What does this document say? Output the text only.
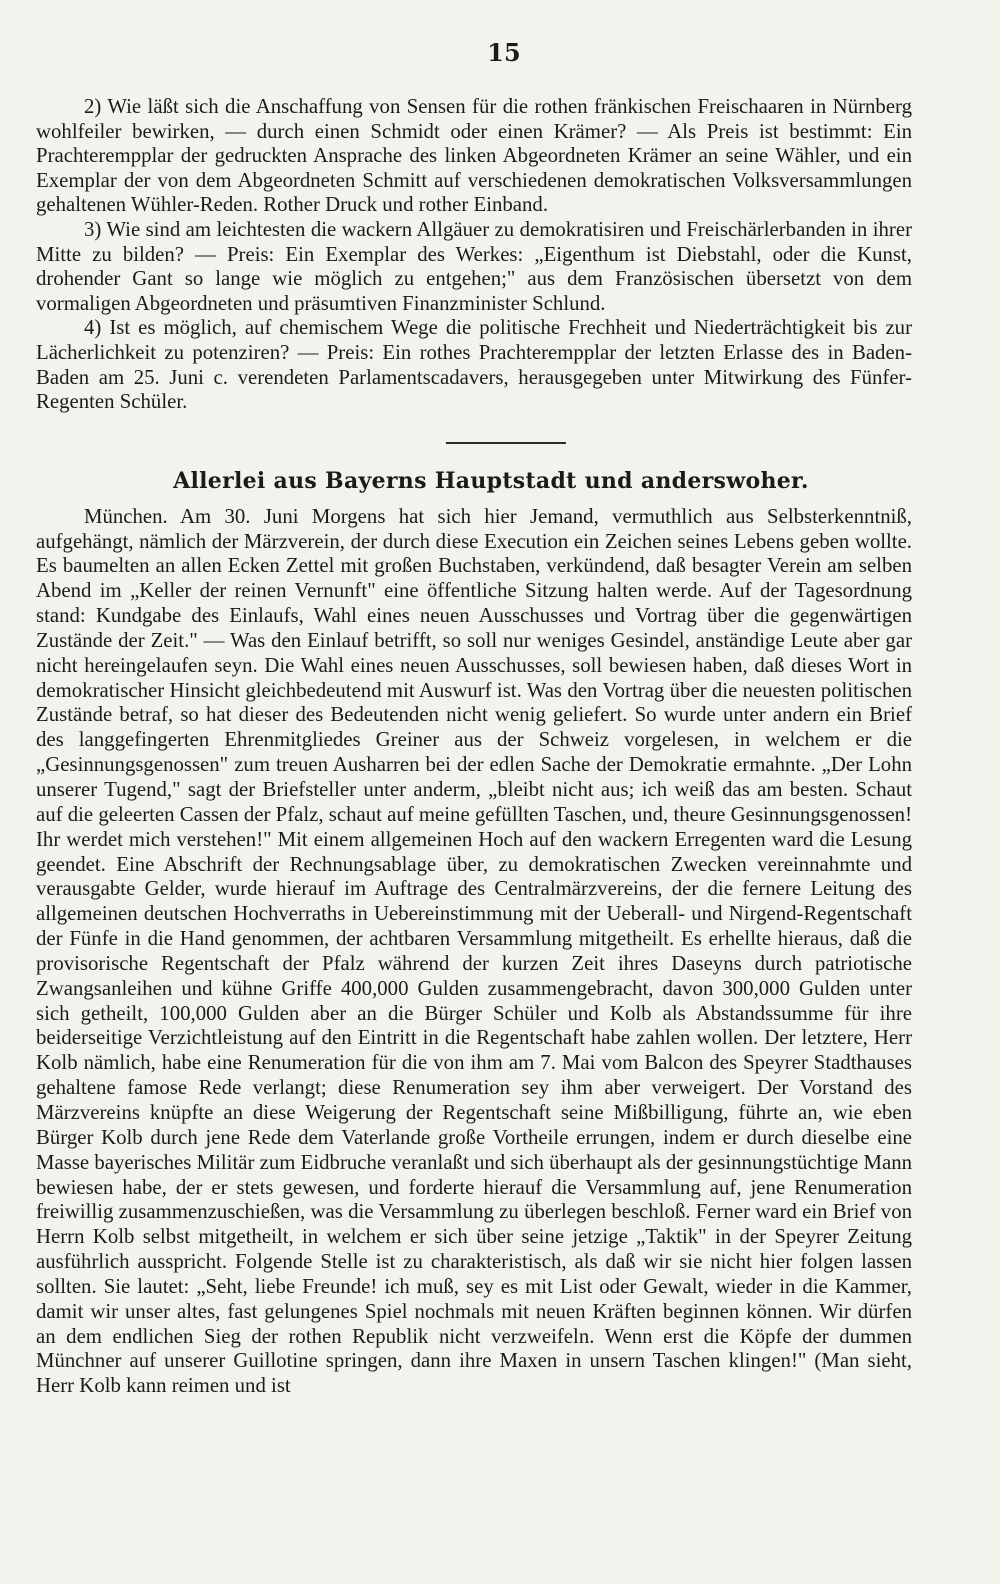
15

2) Wie läßt sich die Anschaffung von Sensen für die rothen fränkischen Freischaaren in Nürnberg wohlfeiler bewirken, — durch einen Schmidt oder einen Krämer? — Als Preis ist bestimmt: Ein Prachterempplar der gedruckten Ansprache des linken Abgeordneten Krämer an seine Wähler, und ein Exemplar der von dem Abgeordneten Schmitt auf verschiedenen demokratischen Volksversammlungen gehaltenen Wühler-Reden. Rother Druck und rother Einband.

3) Wie sind am leichtesten die wackern Allgäuer zu demokratisiren und Freischärlerbanden in ihrer Mitte zu bilden? — Preis: Ein Exemplar des Werkes: „Eigenthum ist Diebstahl, oder die Kunst, drohender Gant so lange wie möglich zu entgehen;" aus dem Französischen übersetzt von dem vormaligen Abgeordneten und präsumtiven Finanzminister Schlund.

4) Ist es möglich, auf chemischem Wege die politische Frechheit und Niederträchtigkeit bis zur Lächerlichkeit zu potenziren? — Preis: Ein rothes Prachterempplar der letzten Erlasse des in Baden-Baden am 25. Juni c. verendeten Parlamentscadavers, herausgegeben unter Mitwirkung des Fünfer-Regenten Schüler.

Allerlei aus Bayerns Hauptstadt und anderswoher.

München. Am 30. Juni Morgens hat sich hier Jemand, vermuthlich aus Selbsterkenntniß, aufgehängt, nämlich der Märzverein, der durch diese Execution ein Zeichen seines Lebens geben wollte. Es baumelten an allen Ecken Zettel mit großen Buchstaben, verkündend, daß besagter Verein am selben Abend im „Keller der reinen Vernunft" eine öffentliche Sitzung halten werde. Auf der Tagesordnung stand: Kundgabe des Einlaufs, Wahl eines neuen Ausschusses und Vortrag über die gegenwärtigen Zustände der Zeit." — Was den Einlauf betrifft, so soll nur weniges Gesindel, anständige Leute aber gar nicht hereingelaufen seyn. Die Wahl eines neuen Ausschusses, soll bewiesen haben, daß dieses Wort in demokratischer Hinsicht gleichbedeutend mit Auswurf ist. Was den Vortrag über die neuesten politischen Zustände betraf, so hat dieser des Bedeutenden nicht wenig geliefert. So wurde unter andern ein Brief des langgefingerten Ehrenmitgliedes Greiner aus der Schweiz vorgelesen, in welchem er die „Gesinnungsgenossen" zum treuen Ausharren bei der edlen Sache der Demokratie ermahnte. „Der Lohn unserer Tugend," sagt der Briefsteller unter anderm, „bleibt nicht aus; ich weiß das am besten. Schaut auf die geleerten Cassen der Pfalz, schaut auf meine gefüllten Taschen, und, theure Gesinnungsgenossen! Ihr werdet mich verstehen!" Mit einem allgemeinen Hoch auf den wackern Erregenten ward die Lesung geendet. Eine Abschrift der Rechnungsablage über, zu demokratischen Zwecken vereinnahmte und verausgabte Gelder, wurde hierauf im Auftrage des Centralmärzvereins, der die fernere Leitung des allgemeinen deutschen Hochverraths in Uebereinstimmung mit der Ueberall- und Nirgend-Regentschaft der Fünfe in die Hand genommen, der achtbaren Versammlung mitgetheilt. Es erhellte hieraus, daß die provisorische Regentschaft der Pfalz während der kurzen Zeit ihres Daseyns durch patriotische Zwangsanleihen und kühne Griffe 400,000 Gulden zusammengebracht, davon 300,000 Gulden unter sich getheilt, 100,000 Gulden aber an die Bürger Schüler und Kolb als Abstandssumme für ihre beiderseitige Verzichtleistung auf den Eintritt in die Regentschaft habe zahlen wollen. Der letztere, Herr Kolb nämlich, habe eine Renumeration für die von ihm am 7. Mai vom Balcon des Speyrer Stadthauses gehaltene famose Rede verlangt; diese Renumeration sey ihm aber verweigert. Der Vorstand des Märzvereins knüpfte an diese Weigerung der Regentschaft seine Mißbilligung, führte an, wie eben Bürger Kolb durch jene Rede dem Vaterlande große Vortheile errungen, indem er durch dieselbe eine Masse bayerisches Militär zum Eidbruche veranlaßt und sich überhaupt als der gesinnungstüchtige Mann bewiesen habe, der er stets gewesen, und forderte hierauf die Versammlung auf, jene Renumeration freiwillig zusammenzuschießen, was die Versammlung zu überlegen beschloß. Ferner ward ein Brief von Herrn Kolb selbst mitgetheilt, in welchem er sich über seine jetzige „Taktik" in der Speyrer Zeitung ausführlich ausspricht. Folgende Stelle ist zu charakteristisch, als daß wir sie nicht hier folgen lassen sollten. Sie lautet: „Seht, liebe Freunde! ich muß, sey es mit List oder Gewalt, wieder in die Kammer, damit wir unser altes, fast gelungenes Spiel nochmals mit neuen Kräften beginnen können. Wir dürfen an dem endlichen Sieg der rothen Republik nicht verzweifeln. Wenn erst die Köpfe der dummen Münchner auf unserer Guillotine springen, dann ihre Maxen in unsern Taschen klingen!" (Man sieht, Herr Kolb kann reimen und ist
